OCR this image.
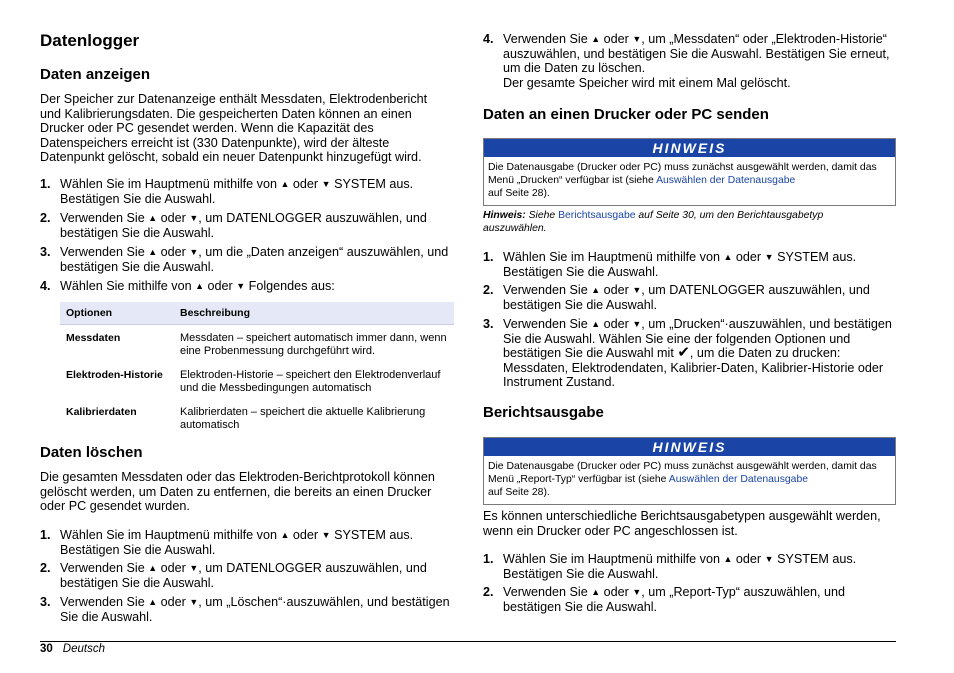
Datenlogger
Daten anzeigen

Der Speicher zur Datenanzeige enthält Messdaten, Elektrodenbericht und Kalibrierungsdaten. Die gespeicherten Daten können an einen Drucker oder PC gesendet werden. Wenn die Kapazität des Datenspeichers erreicht ist (330 Datenpunkte), wird der älteste Datenpunkt gelöscht, sobald ein neuer Datenpunkt hinzugefügt wird.

1. Wählen Sie im Hauptmenü mithilfe von ▲ oder ▼ SYSTEM aus. Bestätigen Sie die Auswahl.
2. Verwenden Sie ▲ oder ▼, um DATENLOGGER auszuwählen, und bestätigen Sie die Auswahl.
3. Verwenden Sie ▲ oder ▼, um die „Daten anzeigen“ auszuwählen, und bestätigen Sie die Auswahl.
4. Wählen Sie mithilfe von ▲ oder ▼ Folgendes aus:
Optionen	Beschreibung
Messdaten	Messdaten – speichert automatisch immer dann, wenn eine Probenmessung durchgeführt wird.
Elektroden-Historie	Elektroden-Historie – speichert den Elektrodenverlauf und die Messbedingungen automatisch
Kalibrierdaten	Kalibrierdaten – speichert die aktuelle Kalibrierung automatisch
Daten löschen

Die gesamten Messdaten oder das Elektroden-Berichtprotokoll können gelöscht werden, um Daten zu entfernen, die bereits an einen Drucker oder PC gesendet wurden.

1. Wählen Sie im Hauptmenü mithilfe von ▲ oder ▼ SYSTEM aus. Bestätigen Sie die Auswahl.
2. Verwenden Sie ▲ oder ▼, um DATENLOGGER auszuwählen, und bestätigen Sie die Auswahl.
3. Verwenden Sie ▲ oder ▼, um „Löschen“·auszuwählen, und bestätigen Sie die Auswahl.
4. Verwenden Sie ▲ oder ▼, um „Messdaten“ oder „Elektroden-Historie“ auszuwählen, und bestätigen Sie die Auswahl. Bestätigen Sie erneut, um die Daten zu löschen.
Der gesamte Speicher wird mit einem Mal gelöscht.
Daten an einen Drucker oder PC senden
HINWEIS
Die Datenausgabe (Drucker oder PC) muss zunächst ausgewählt werden, damit das Menü „Drucken“ verfügbar ist (siehe Auswählen der Datenausgabe
auf Seite 28).
Hinweis: Siehe Berichtsausgabe auf Seite 30, um den Berichtausgabetyp auszuwählen.
1. Wählen Sie im Hauptmenü mithilfe von ▲ oder ▼ SYSTEM aus. Bestätigen Sie die Auswahl.
2. Verwenden Sie ▲ oder ▼, um DATENLOGGER auszuwählen, und bestätigen Sie die Auswahl.
3. Verwenden Sie ▲ oder ▼, um „Drucken“·auszuwählen, und bestätigen Sie die Auswahl. Wählen Sie eine der folgenden Optionen und bestätigen Sie die Auswahl mit ✔, um die Daten zu drucken: Messdaten, Elektrodendaten, Kalibrier-Daten, Kalibrier-Historie oder Instrument Zustand.
Berichtsausgabe
HINWEIS
Die Datenausgabe (Drucker oder PC) muss zunächst ausgewählt werden, damit das Menü „Report-Typ“ verfügbar ist (siehe Auswählen der Datenausgabe
auf Seite 28).

Es können unterschiedliche Berichtsausgabetypen ausgewählt werden, wenn ein Drucker oder PC angeschlossen ist.

1. Wählen Sie im Hauptmenü mithilfe von ▲ oder ▼ SYSTEM aus. Bestätigen Sie die Auswahl.
2. Verwenden Sie ▲ oder ▼, um „Report-Typ“ auszuwählen, und bestätigen Sie die Auswahl.
30 Deutsch
